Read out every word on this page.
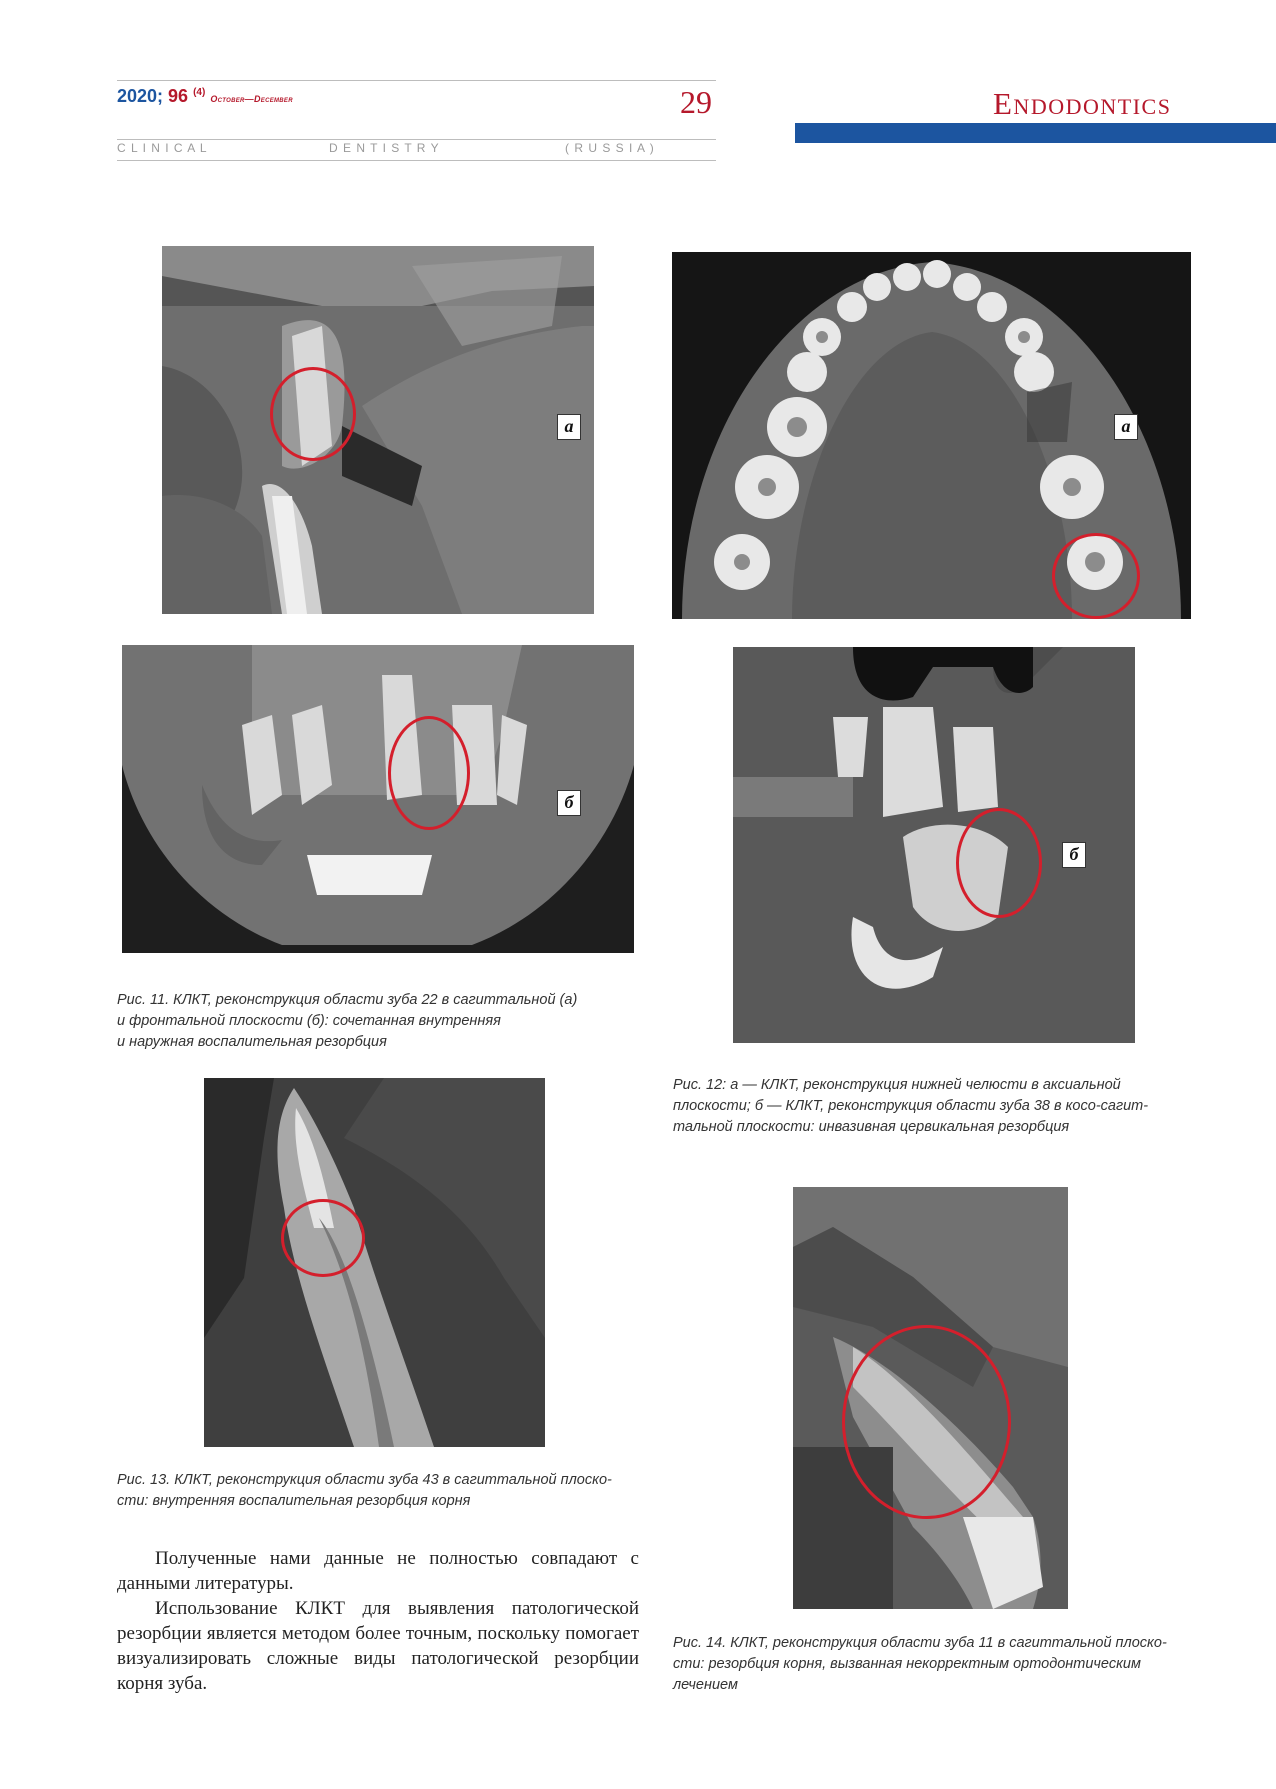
2020; 96 $^{(4)}$ October—December	29	Endodontics
C L I N I C A L	D E N T I S T R Y	( R U S S I A )
а	а
б
б
Рис. 11. КЛКТ, реконструкция области зуба 22 в сагиттальной (а)
и фронтальной плоскости (б): сочетанная внутренняя
и наружная воспалительная резорбция
Рис. 12: а — КЛКТ, реконструкция нижней челюсти в аксиальной
плоскости; б — КЛКТ, реконструкция области зуба 38 в косо-сагит-
тальной плоскости: инвазивная цервикальная резорбция
Рис. 13. КЛКТ, реконструкция области зуба 43 в сагиттальной плоско-
сти: внутренняя воспалительная резорбция корня
Рис. 14. КЛКТ, реконструкция области зуба 11 в сагиттальной плоско-
сти: резорбция корня, вызванная некорректным ортодонтическим
лечением

Полученные нами данные не полностью совпадают с данными литературы.

Использование КЛКТ для выявления патологической резорбции является методом более точным, поскольку помогает визуализировать сложные виды патологической резорбции корня зуба.
